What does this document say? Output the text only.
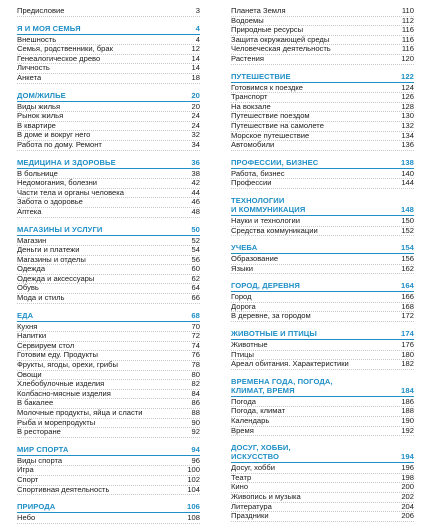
Предисловие	3
Я И МОЯ СЕМЬЯ	4
Внешность	4
Семья, родственники, брак	12
Генеалогическое древо	14
Личность	14
Анкета	18
ДОМ/ЖИЛЬЕ	20
Виды жилья	20
Рынок жилья	24
В квартире	24
В доме и вокруг него	32
Работа по дому. Ремонт	34
МЕДИЦИНА И ЗДОРОВЬЕ	36
В больнице	38
Недомогания, болезни	42
Части тела и органы человека	44
Забота о здоровье	46
Аптека	48
МАГАЗИНЫ И УСЛУГИ	50
Магазин	52
Деньги и платежи	54
Магазины и отделы	56
Одежда	60
Одежда и аксессуары	62
Обувь	64
Мода и стиль	66
ЕДА	68
Кухня	70
Напитки	72
Сервируем стол	74
Готовим еду. Продукты	76
Фрукты, ягоды, орехи, грибы	78
Овощи	80
Хлебобулочные изделия	82
Колбасно-мясные изделия	84
В бакалее	86
Молочные продукты, яйца и сласти	88
Рыба и морепродукты	90
В ресторане	92
МИР СПОРТА	94
Виды спорта	96
Игра	100
Спорт	102
Спортивная деятельность	104
ПРИРОДА	106
Небо	108
Планета Земля	110
Водоемы	112
Природные ресурсы	116
Защита окружающей среды	116
Человеческая деятельность	116
Растения	120
ПУТЕШЕСТВИЕ	122
Готовимся к поездке	124
Транспорт	126
На вокзале	128
Путешествие поездом	130
Путешествие на самолете	132
Морское путешествие	134
Автомобили	136
ПРОФЕССИИ, БИЗНЕС	138
Работа, бизнес	140
Профессии	144
ТЕХНОЛОГИИ
И КОММУНИКАЦИЯ	148
Науки и технологии	150
Средства коммуникации	152
УЧЕБА	154
Образование	156
Языки	162
ГОРОД, ДЕРЕВНЯ	164
Город	166
Дорога	168
В деревне, за городом	172
ЖИВОТНЫЕ И ПТИЦЫ	174
Животные	176
Птицы	180
Ареал обитания. Характеристики	182
ВРЕМЕНА ГОДА, ПОГОДА,
КЛИМАТ, ВРЕМЯ	184
Погода	186
Погода, климат	188
Календарь	190
Время	192
ДОСУГ, ХОББИ,
ИСКУССТВО	194
Досуг, хобби	196
Театр	198
Кино	200
Живопись и музыка	202
Литература	204
Праздники	206
